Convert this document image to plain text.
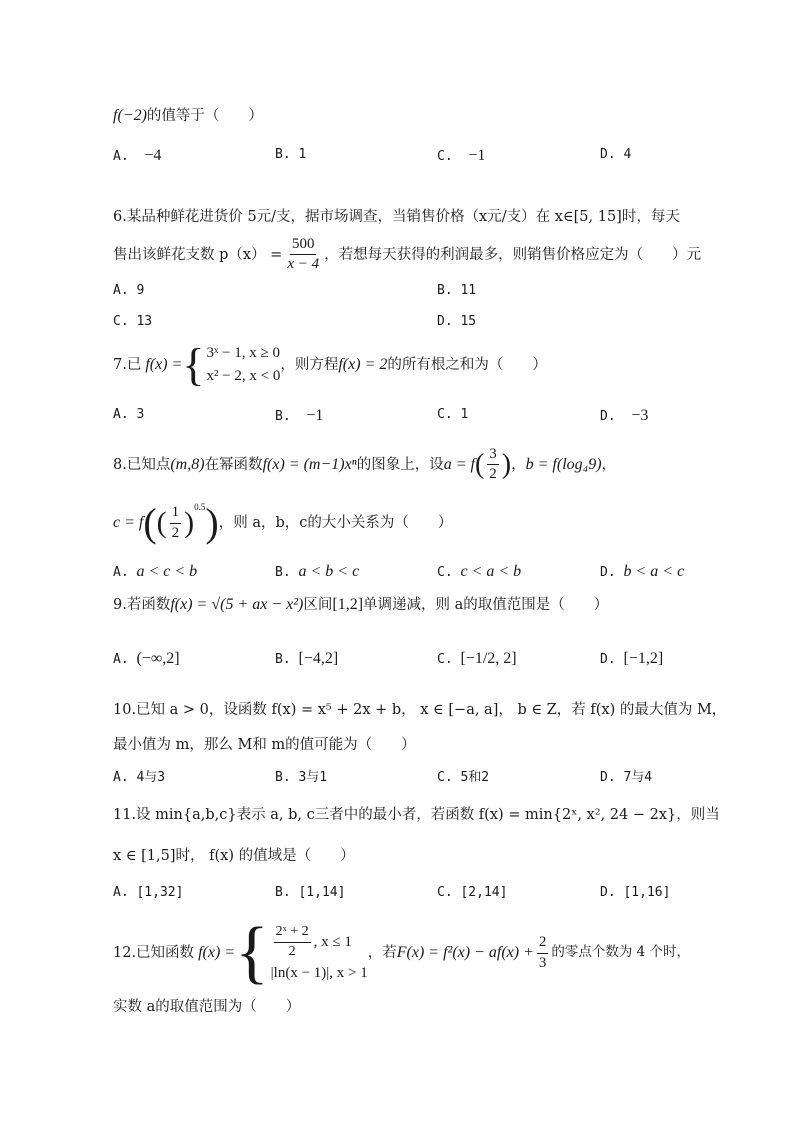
f(−2)的值等于（　　）
A. −4	B. 1	C. −1	D. 4
6.某品种鲜花进货价 5元/支，据市场调查，当销售价格（x元/支）在 x∈[5, 15]时，每天
售出该鲜花支数 $p(x) = \frac{500}{x - 4}$ ，若想每天获得的利润最多，则销售价格应定为（　　）元
A. 9	B. 11
C. 13	D. 15
7.已 f(x) = { 3ˣ − 1, x ≥ 0
x² − 2, x < 0
，则方程 f(x) = 2 的所有根之和为（　　）
A. 3	B. −1	C. 1	D. −3
8.已知点 (m,8) 在幂函数 f(x) = (m−1)xⁿ 的图象上，设 a = f ( $\frac{3}{2}$ ) ， b = f(log₄9) ，
c = f ( ( $\frac{1}{2} )^{0.5}$ ) ，则 a，b，c的大小关系为（　　）
A. a < c < b	B. a < b < c	C. c < a < b	D. b < a < c
9.若函数 f(x) = √(5 + ax − x²) 区间 [1,2] 单调递减，则 a的取值范围是（　　）
A. (−∞,2]	B. [−4,2]	C. [−1/2, 2]	D. [−1,2]
10.已知 a > 0，设函数 f(x) = x⁵ + 2x + b， x ∈ [−a, a]， b ∈ Z，若 f(x) 的最大值为 M，
最小值为 m，那么 M和 m的值可能为（　　）
A. 4与3	B. 3与1	C. 5和2	D. 7与4
11.设 min{a,b,c}表示 a, b, c三者中的最小者，若函数 f(x) = min{2ˣ, x², 24 − 2x}，则当
x ∈ [1,5]时， f(x) 的值域是（　　）
A. [1,32]	B. [1,14]	C. [2,14]	D. [1,16]
12.已知函数 f(x) = { $\frac{\text{2ˣ + 2}}{2}$ , x ≤ 1
|ln(x − 1)|, x > 1
，若 $F(x) = f^2(x) - af(x) + \frac{2}{3}$ 的零点个数为 4 个时，
实数 a的取值范围为（　　）
